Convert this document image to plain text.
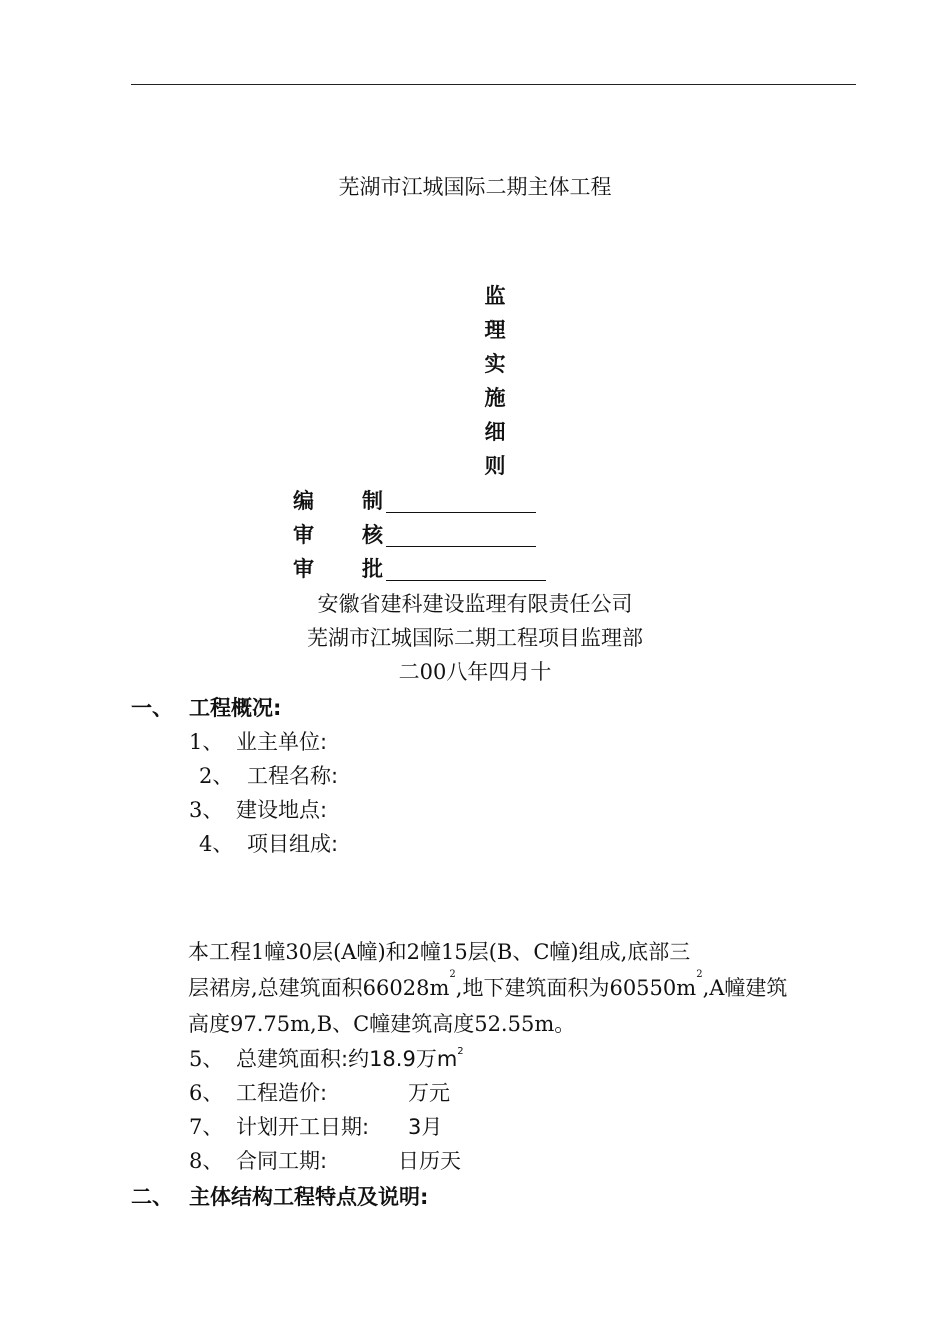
芜湖市江城国际二期主体工程
监
理
实
施
细
则
编 制
审 核
审 批
安徽省建科建设监理有限责任公司
芜湖市江城国际二期工程项目监理部
二00八年四月十
一、 工程概况:
1、 业主单位:
2、 工程名称:
3、 建设地点:
4、 项目组成:
本工程1幢30层(A幢)和2幢15层(B、C幢)组成,底部三
层裙房,总建筑面积$66028m^2$,地下建筑面积为$60550m^2,A$幢建筑
高度97.75m,B、C幢建筑高度52.55m。
5、 总建筑面积:约18.9万$m^2$
6、 工程造价:	万元
7、 计划开工日期: 3月
8、 合同工期:	日历天
二、 主体结构工程特点及说明:
